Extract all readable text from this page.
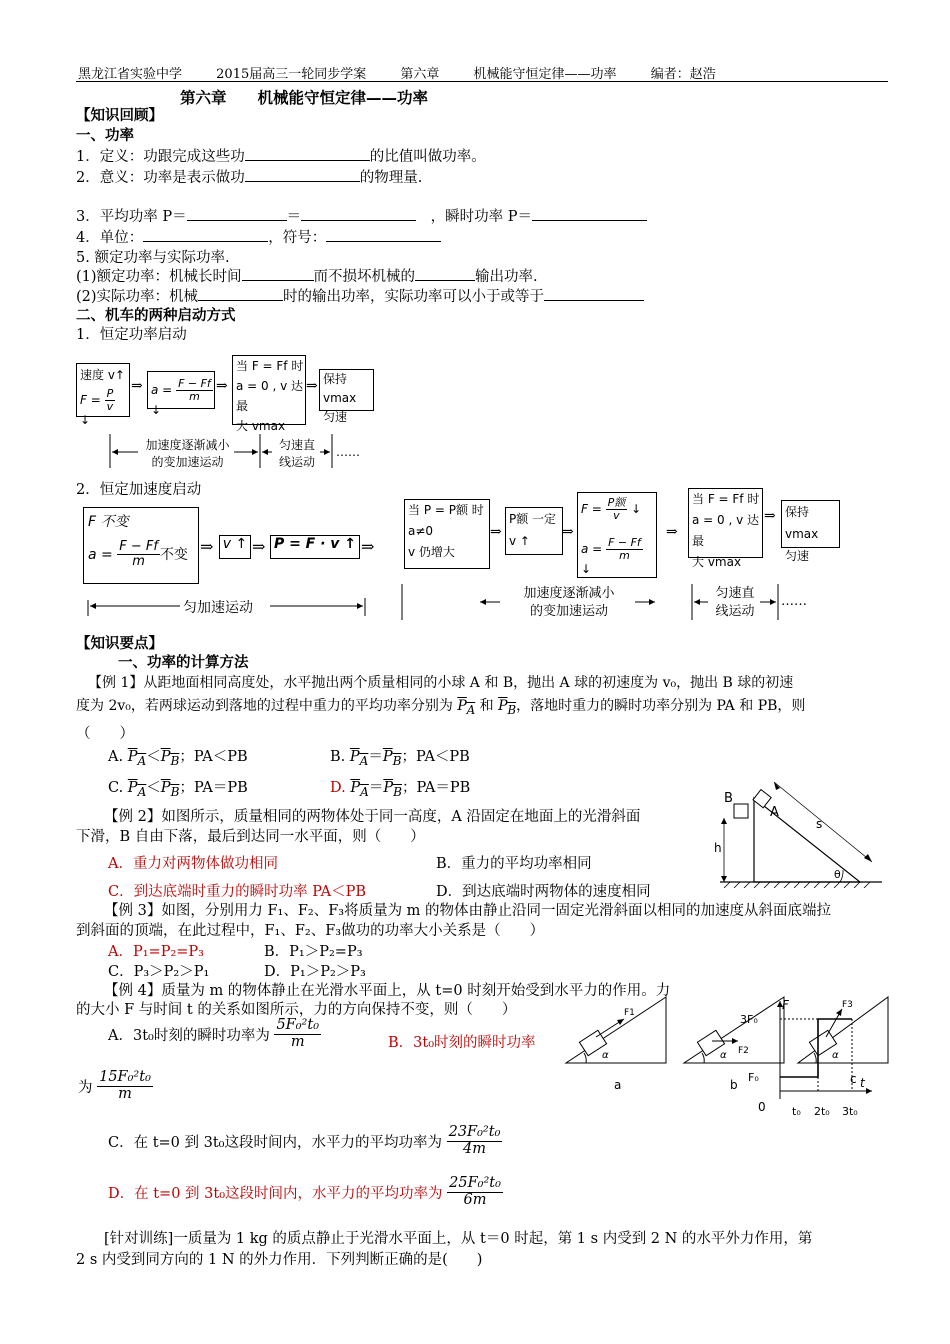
黑龙江省实验中学	2015届高三一轮同步学案	第六章	机械能守恒定律——功率	编者：赵浩
第六章　　机械能守恒定律——功率
【知识回顾】
一、功率
1．定义：功跟完成这些功	的比值叫做功率。
2．意义：功率是表示做功	的物理量.
3．平均功率 P＝	＝　	，瞬时功率 P＝
4．单位：	，符号：
5. 额定功率与实际功率.
(1)额定功率：机械长时间	而不损坏机械的	输出功率.
(2)实际功率：机械	时的输出功率，实际功率可以小于或等于
二、机车的两种启动方式
1．恒定功率启动
速度 v↑
$F = \frac{P}{v}$
↓
⇒ $a = \frac{F - Ff}{m}$
↓
⇒
当 F = Ff 时
a = 0 , v 达最
大 vmax
⇒ 保持 vmax
匀速
加速度逐渐减小
的变加速运动
匀速直
线运动
……
2．恒定加速度启动
F 不变
$a = \frac{F - Ff}{m}$ 不变 ⇒ v ↑ ⇒ P = F · v ↑ ⇒
当 P = P额 时
a≠0
v 仍增大
⇒
P额 一定
v ↑
⇒
$F = \frac{\text{P额}}{v}$ ↓
$a = \frac{F - Ff}{m}$
↓
⇒
当 F = Ff 时
a = 0 , v 达最
大 vmax
⇒ 保持 vmax
匀速
匀加速运动
加速度逐渐减小
的变加速运动
匀速直
线运动
……
【知识要点】
一、功率的计算方法
【例 1】从距地面相同高度处，水平抛出两个质量相同的小球 A 和 B，抛出 A 球的初速度为 v₀，抛出 B 球的初速
度为 2v₀，若两球运动到落地的过程中重力的平均功率分别为 $P_A$ 和 $P_B$，落地时重力的瞬时功率分别为 PA 和 PB，则
（　　）
A. $P_A<P_B$；PA＜PB	B. $P_A=P_B$；PA＜PB
C. $P_A<P_B$；PA＝PB	D. $P_A=P_B$；PA＝PB
【例 2】如图所示，质量相同的两物体处于同一高度，A 沿固定在地面上的光滑斜面
下滑，B 自由下落，最后到达同一水平面，则（　　）
A．重力对两物体做功相同	B．重力的平均功率相同
C．到达底端时重力的瞬时功率 PA＜PB	D．到达底端时两物体的速度相同
B
A
s
h
θ
【例 3】如图，分别用力 F₁、F₂、F₃将质量为 m 的物体由静止沿同一固定光滑斜面以相同的加速度从斜面底端拉
到斜面的顶端，在此过程中，F₁、F₂、F₃做功的功率大小关系是（　　）
A．P₁=P₂=P₃	B．P₁＞P₂=P₃
C．P₃＞P₂＞P₁	D．P₁＞P₂＞P₃
【例 4】质量为 m 的物体静止在光滑水平面上，从 t=0 时刻开始受到水平力的作用。力
的大小 F 与时间 t 的关系如图所示，力的方向保持不变，则（　　）
A．3t₀时刻的瞬时功率为 $\frac{\text{5F₀²t₀}}{m}$	B．3t₀时刻的瞬时功率
为 $\frac{\text{15F₀²t₀}}{m}$
C．在 t=0 到 3t₀这段时间内，水平力的平均功率为 $\frac{\text{23F₀²t₀}}{4m}$
D．在 t=0 到 3t₀这段时间内，水平力的平均功率为 $\frac{\text{25F₀²t₀}}{6m}$
F1
α
a
F2
α
b
F3
α
c
F
3F₀
F₀
0
t
t₀ 2t₀ 3t₀
[针对训练]一质量为 1 kg 的质点静止于光滑水平面上，从 t＝0 时起，第 1 s 内受到 2 N 的水平外力作用，第
2 s 内受到同方向的 1 N 的外力作用．下列判断正确的是(　　)
